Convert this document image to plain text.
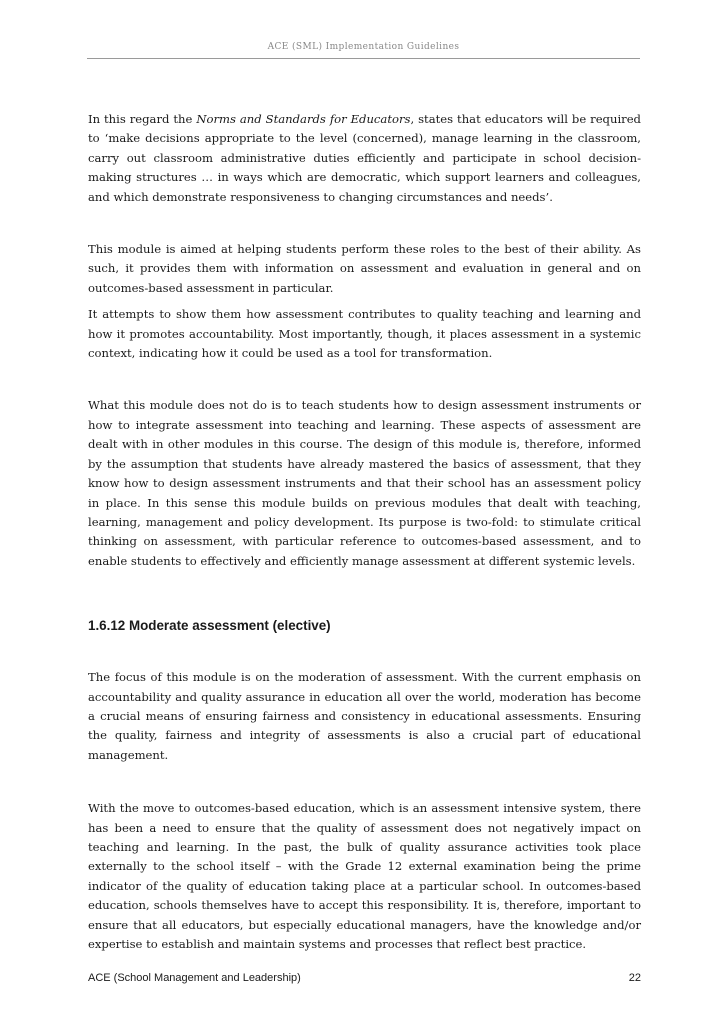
ACE (SML) Implementation Guidelines

In this regard the Norms and Standards for Educators, states that educators will be required to ‘make decisions appropriate to the level (concerned), manage learning in the classroom, carry out classroom administrative duties efficiently and participate in school decision-making structures … in ways which are democratic, which support learners and colleagues, and which demonstrate responsiveness to changing circumstances and needs’.

This module is aimed at helping students perform these roles to the best of their ability. As such, it provides them with information on assessment and evaluation in general and on outcomes-based assessment in particular.

It attempts to show them how assessment contributes to quality teaching and learning and how it promotes accountability. Most importantly, though, it places assessment in a systemic context, indicating how it could be used as a tool for transformation.

What this module does not do is to teach students how to design assessment instruments or how to integrate assessment into teaching and learning. These aspects of assessment are dealt with in other modules in this course. The design of this module is, therefore, informed by the assumption that students have already mastered the basics of assessment, that they know how to design assessment instruments and that their school has an assessment policy in place. In this sense this module builds on previous modules that dealt with teaching, learning, management and policy development. Its purpose is two-fold: to stimulate critical thinking on assessment, with particular reference to outcomes-based assessment, and to enable students to effectively and efficiently manage assessment at different systemic levels.

1.6.12 Moderate assessment (elective)

The focus of this module is on the moderation of assessment. With the current emphasis on accountability and quality assurance in education all over the world, moderation has become a crucial means of ensuring fairness and consistency in educational assessments. Ensuring the quality, fairness and integrity of assessments is also a crucial part of educational management.

With the move to outcomes-based education, which is an assessment intensive system, there has been a need to ensure that the quality of assessment does not negatively impact on teaching and learning. In the past, the bulk of quality assurance activities took place externally to the school itself – with the Grade 12 external examination being the prime indicator of the quality of education taking place at a particular school. In outcomes-based education, schools themselves have to accept this responsibility. It is, therefore, important to ensure that all educators, but especially educational managers, have the knowledge and/or expertise to establish and maintain systems and processes that reflect best practice.

ACE (School Management and Leadership)	22
